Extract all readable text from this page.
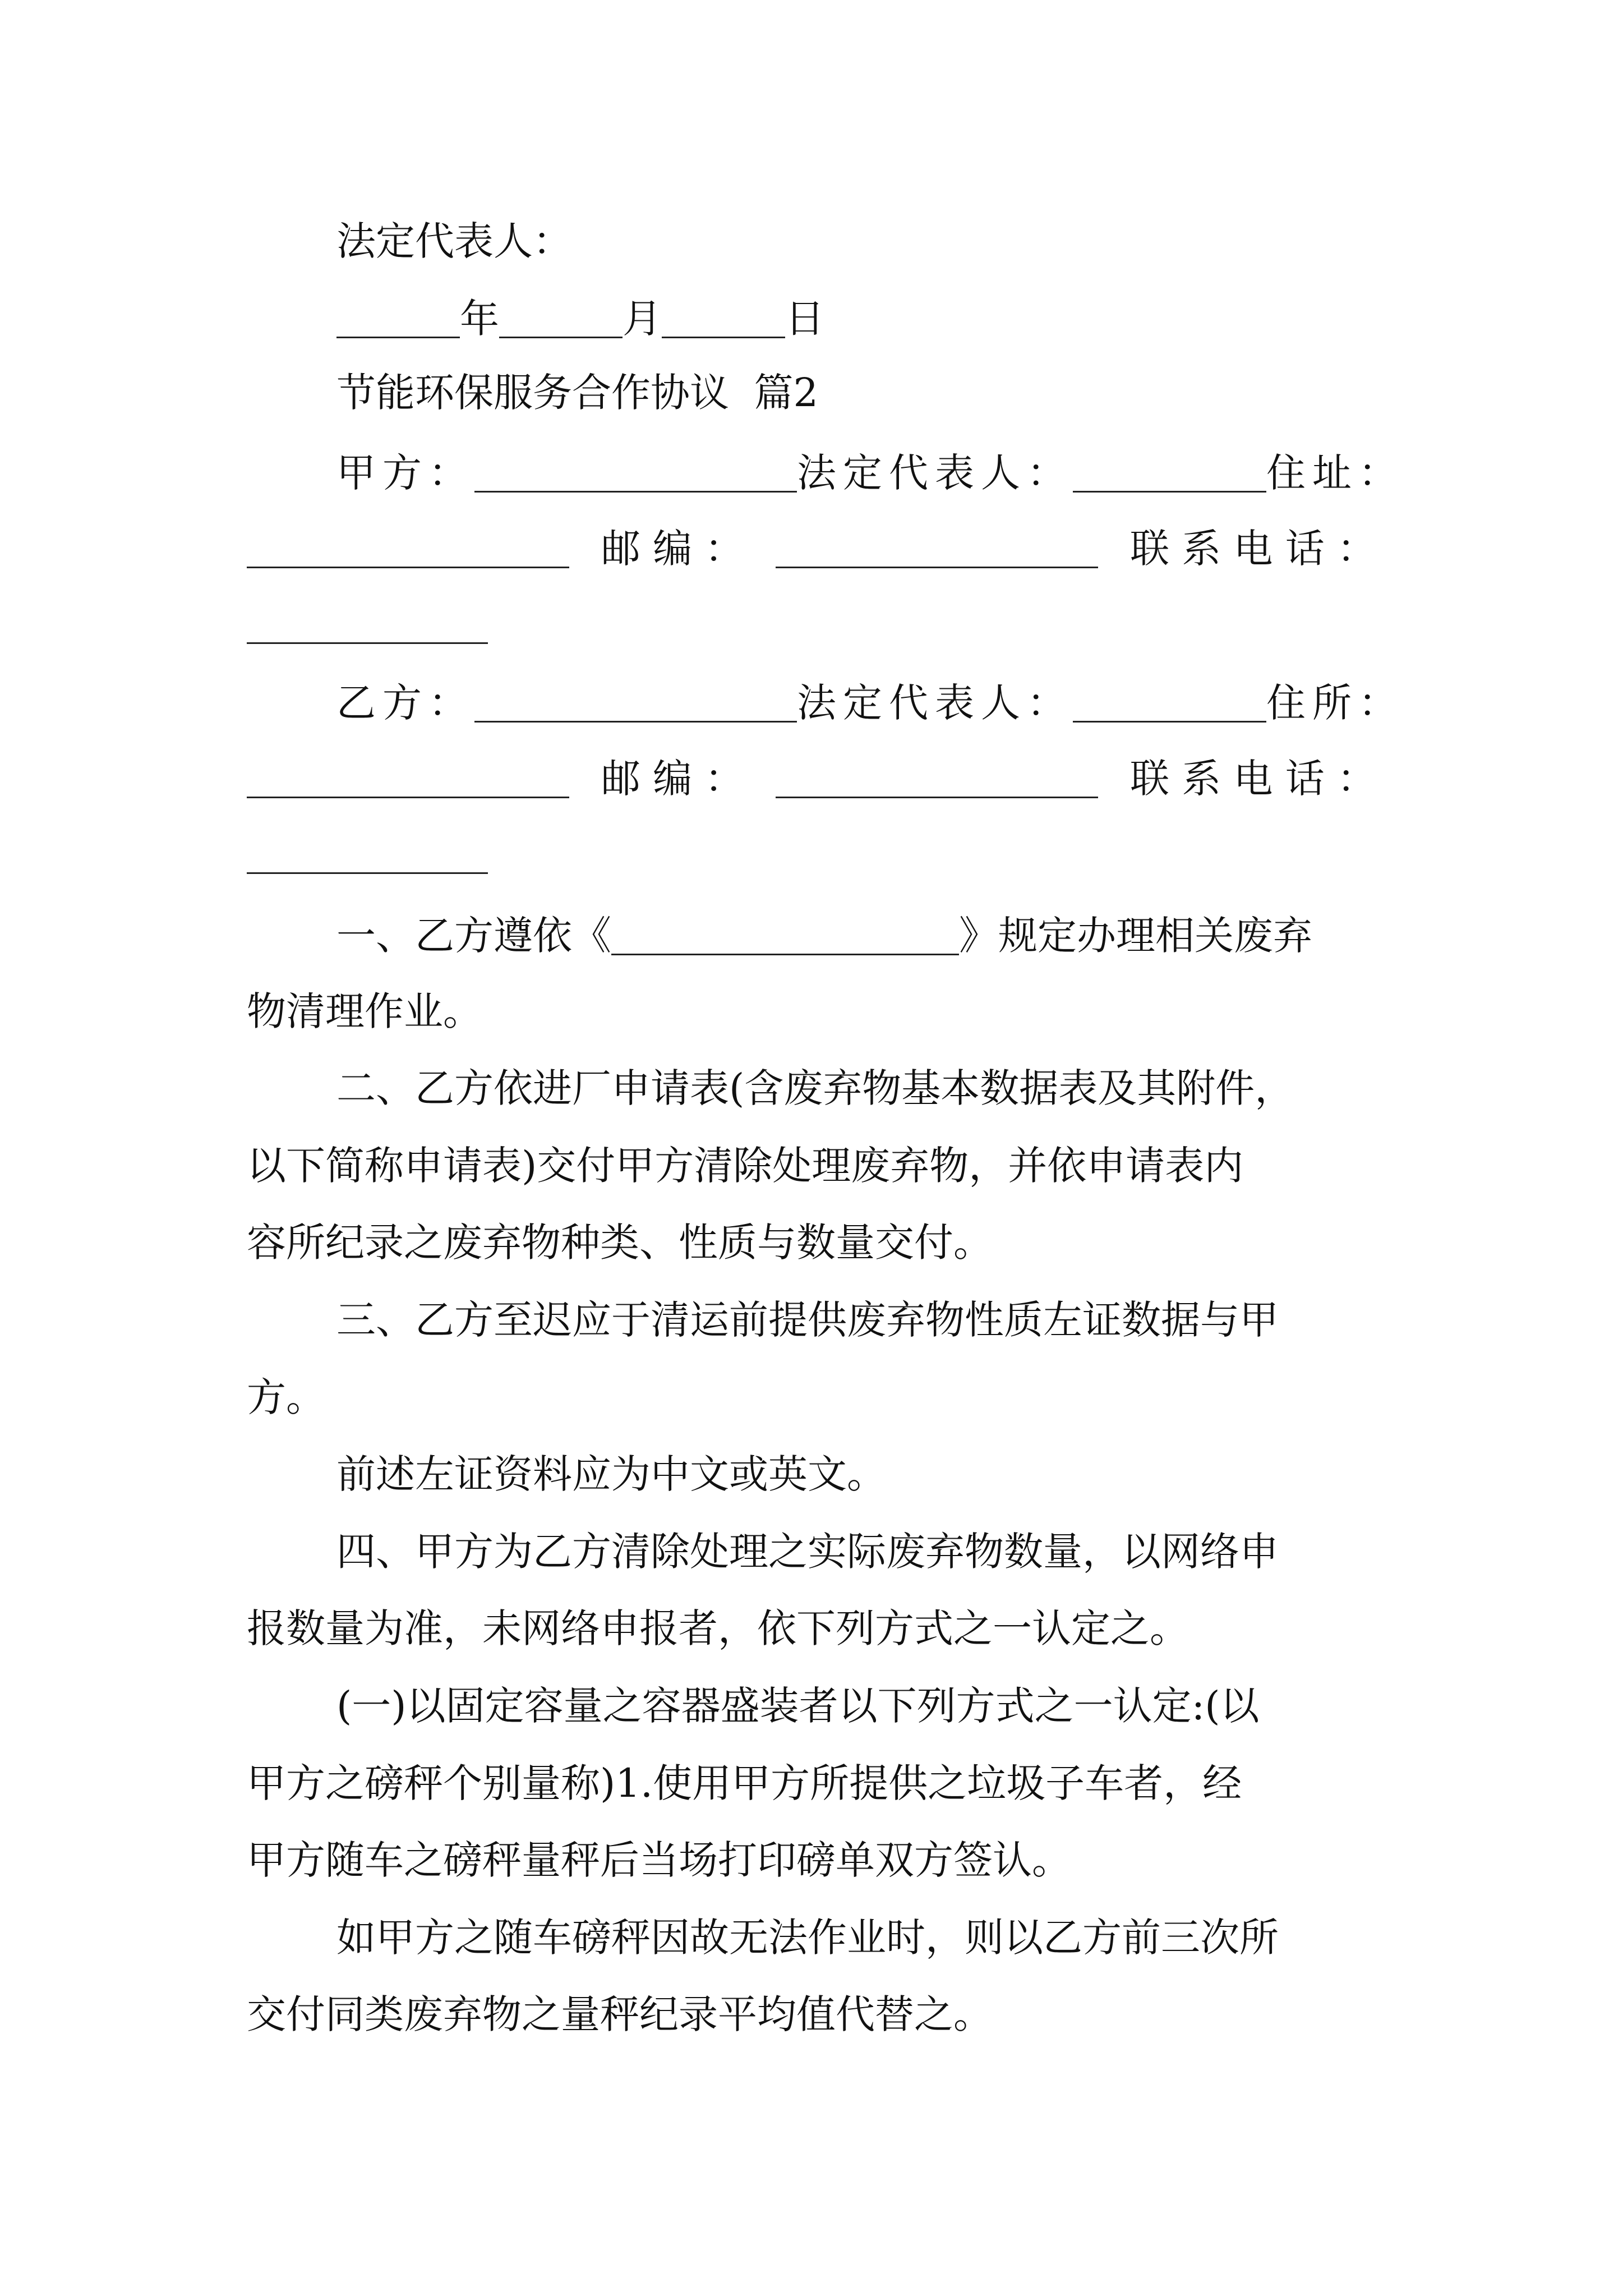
法定代表人：
年	月	日
节能环保服务合作协议  篇2
甲方：	法定代表人：	住址：
邮 编 ：	联 系 电 话 ：
乙方：	法定代表人：	住所：
邮 编 ：	联 系 电 话 ：
一、乙方遵依《	》规定办理相关废弃
物清理作业。
二、乙方依进厂申请表(含废弃物基本数据表及其附件，
以下简称申请表)交付甲方清除处理废弃物，并依申请表内
容所纪录之废弃物种类、性质与数量交付。
三、乙方至迟应于清运前提供废弃物性质左证数据与甲
方。
前述左证资料应为中文或英文。
四、甲方为乙方清除处理之实际废弃物数量，以网络申
报数量为准，未网络申报者，依下列方式之一认定之。
(一)以固定容量之容器盛装者以下列方式之一认定:(以
甲方之磅秤个别量称)1.使用甲方所提供之垃圾子车者，经
甲方随车之磅秤量秤后当场打印磅单双方签认。
如甲方之随车磅秤因故无法作业时，则以乙方前三次所
交付同类废弃物之量秤纪录平均值代替之。
